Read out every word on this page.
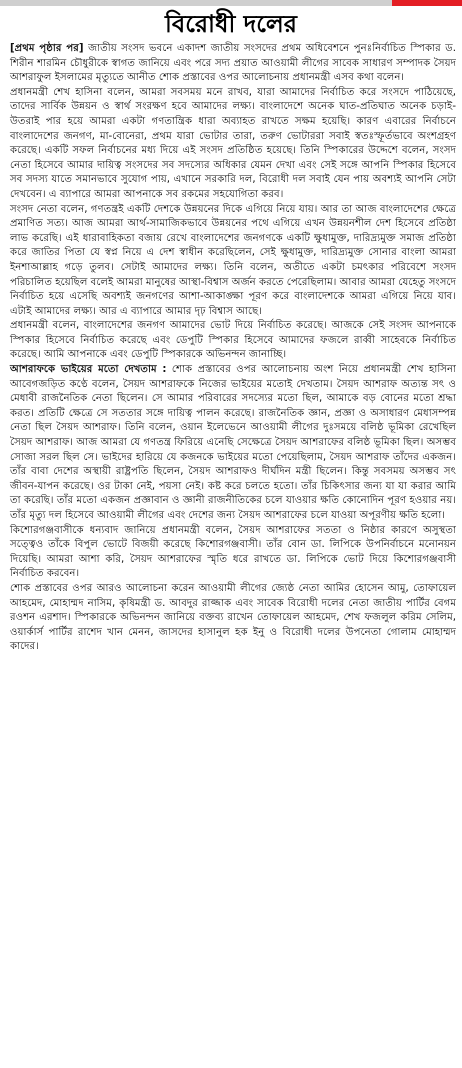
বিরোধী দলের

[প্রথম পৃষ্ঠার পর] জাতীয় সংসদ ভবনে একাদশ জাতীয় সংসদের প্রথম অধিবেশনে পুনঃনির্বাচিত স্পিকার ড. শিরীন শারমিন চৌধুরীকে স্বাগত জানিয়ে এবং পরে সদ্য প্রয়াত আওয়ামী লীগের সাবেক সাধারণ সম্পাদক সৈয়দ আশরাফুল ইসলামের মৃত্যুতে আনীত শোক প্রস্তাবের ওপর আলোচনায় প্রধানমন্ত্রী এসব কথা বলেন।

প্রধানমন্ত্রী শেখ হাসিনা বলেন, আমরা সবসময় মনে রাখব, যারা আমাদের নির্বাচিত করে সংসদে পাঠিয়েছে, তাদের সার্বিক উন্নয়ন ও স্বার্থ সংরক্ষণ হবে আমাদের লক্ষ্য। বাংলাদেশে অনেক ঘাত-প্রতিঘাত অনেক চড়াই-উতরাই পার হয়ে আমরা একটা গণতান্ত্রিক ধারা অব্যাহত রাখতে সক্ষম হয়েছি। কারণ এবারের নির্বাচনে বাংলাদেশের জনগণ, মা-বোনেরা, প্রথম যারা ভোটার তারা, তরুণ ভোটাররা সবাই স্বতঃস্ফূর্তভাবে অংশগ্রহণ করেছে। একটি সফল নির্বাচনের মধ্য দিয়ে এই সংসদ প্রতিষ্ঠিত হয়েছে। তিনি স্পিকারের উদ্দেশে বলেন, সংসদ নেতা হিসেবে আমার দায়িত্ব সংসদের সব সদস্যের অধিকার যেমন দেখা এবং সেই সঙ্গে আপনি স্পিকার হিসেবে সব সদস্য যাতে সমানভাবে সুযোগ পায়, এখানে সরকারি দল, বিরোধী দল সবাই যেন পায় অবশ্যই আপনি সেটা দেখবেন। এ ব্যাপারে আমরা আপনাকে সব রকমের সহযোগিতা করব।

সংসদ নেতা বলেন, গণতন্ত্রই একটি দেশকে উন্নয়নের দিকে এগিয়ে নিয়ে যায়। আর তা আজ বাংলাদেশের ক্ষেত্রে প্রমাণিত সত্য। আজ আমরা আর্থ-সামাজিকভাবে উন্নয়নের পথে এগিয়ে এখন উন্নয়নশীল দেশ হিসেবে প্রতিষ্ঠা লাভ করেছি। এই ধারাবাহিকতা বজায় রেখে বাংলাদেশের জনগণকে একটি ক্ষুধামুক্ত, দারিদ্র্যমুক্ত সমাজ প্রতিষ্ঠা করে জাতির পিতা যে স্বপ্ন নিয়ে এ দেশ স্বাধীন করেছিলেন, সেই ক্ষুধামুক্ত, দারিদ্র্যমুক্ত সোনার বাংলা আমরা ইনশাআল্লাহ গড়ে তুলব। সেটাই আমাদের লক্ষ্য। তিনি বলেন, অতীতে একটা চমৎকার পরিবেশে সংসদ পরিচালিত হয়েছিল বলেই আমরা মানুষের আস্থা-বিশ্বাস অর্জন করতে পেরেছিলাম। আবার আমরা যেহেতু সংসদে নির্বাচিত হয়ে এসেছি অবশ্যই জনগণের আশা-আকাঙ্ক্ষা পূরণ করে বাংলাদেশকে আমরা এগিয়ে নিয়ে যাব। এটাই আমাদের লক্ষ্য। আর এ ব্যাপারে আমার দৃঢ় বিশ্বাস আছে।

প্রধানমন্ত্রী বলেন, বাংলাদেশের জনগণ আমাদের ভোট দিয়ে নির্বাচিত করেছে। আজকে সেই সংসদ আপনাকে স্পিকার হিসেবে নির্বাচিত করেছে এবং ডেপুটি স্পিকার হিসেবে আমাদের ফজলে রাব্বী সাহেবকে নির্বাচিত করেছে। আমি আপনাকে এবং ডেপুটি স্পিকারকে অভিনন্দন জানাচ্ছি।

আশরাফকে ভাইয়ের মতো দেখতাম : শোক প্রস্তাবের ওপর আলোচনায় অংশ নিয়ে প্রধানমন্ত্রী শেখ হাসিনা আবেগজড়িত কণ্ঠে বলেন, সৈয়দ আশরাফকে নিজের ভাইয়ের মতোই দেখতাম। সৈয়দ আশরাফ অত্যন্ত সৎ ও মেধাবী রাজনৈতিক নেতা ছিলেন। সে আমার পরিবারের সদস্যের মতো ছিল, আমাকে বড় বোনের মতো শ্রদ্ধা করত। প্রতিটি ক্ষেত্রে সে সততার সঙ্গে দায়িত্ব পালন করেছে। রাজনৈতিক জ্ঞান, প্রজ্ঞা ও অসাধারণ মেধাসম্পন্ন নেতা ছিল সৈয়দ আশরাফ। তিনি বলেন, ওয়ান ইলেভেনে আওয়ামী লীগের দুঃসময়ে বলিষ্ঠ ভূমিকা রেখেছিল সৈয়দ আশরাফ। আজ আমরা যে গণতন্ত্র ফিরিয়ে এনেছি সেক্ষেত্রে সৈয়দ আশরাফের বলিষ্ঠ ভূমিকা ছিল। অসম্ভব সোজা সরল ছিল সে। ভাইদের হারিয়ে যে কজনকে ভাইয়ের মতো পেয়েছিলাম, সৈয়দ আশরাফ তাঁদের একজন। তাঁর বাবা দেশের অস্থায়ী রাষ্ট্রপতি ছিলেন, সৈয়দ আশরাফও দীর্ঘদিন মন্ত্রী ছিলেন। কিন্তু সবসময় অসম্ভব সৎ জীবন-যাপন করেছে। ওর টাকা নেই, পয়সা নেই। কষ্ট করে চলতে হতো। তাঁর চিকিৎসার জন্য যা যা করার আমি তা করেছি। তাঁর মতো একজন প্রজ্ঞাবান ও জ্ঞানী রাজনীতিকের চলে যাওয়ার ক্ষতি কোনোদিন পূরণ হওয়ার নয়। তাঁর মৃত্যু দল হিসেবে আওয়ামী লীগের এবং দেশের জন্য সৈয়দ আশরাফের চলে যাওয়া অপূরণীয় ক্ষতি হলো।

কিশোরগঞ্জবাসীকে ধন্যবাদ জানিয়ে প্রধানমন্ত্রী বলেন, সৈয়দ আশরাফের সততা ও নিষ্ঠার কারণে অসুস্থতা সত্ত্বেও তাঁকে বিপুল ভোটে বিজয়ী করেছে কিশোরগঞ্জবাসী। তাঁর বোন ডা. লিপিকে উপনির্বাচনে মনোনয়ন দিয়েছি। আমরা আশা করি, সৈয়দ আশরাফের স্মৃতি ধরে রাখতে ডা. লিপিকে ভোট দিয়ে কিশোরগঞ্জবাসী নির্বাচিত করবেন।

শোক প্রস্তাবের ওপর আরও আলোচনা করেন আওয়ামী লীগের জ্যেষ্ঠ নেতা আমির হোসেন আমু, তোফায়েল আহমেদ, মোহাম্মদ নাসিম, কৃষিমন্ত্রী ড. আবদুর রাজ্জাক এবং সাবেক বিরোধী দলের নেতা জাতীয় পার্টির বেগম রওশন এরশাদ। স্পিকারকে অভিনন্দন জানিয়ে বক্তব্য রাখেন তোফায়েল আহমেদ, শেখ ফজলুল করিম সেলিম, ওয়ার্কার্স পার্টির রাশেদ খান মেনন, জাসদের হাসানুল হক ইনু ও বিরোধী দলের উপনেতা গোলাম মোহাম্মদ কাদের।
